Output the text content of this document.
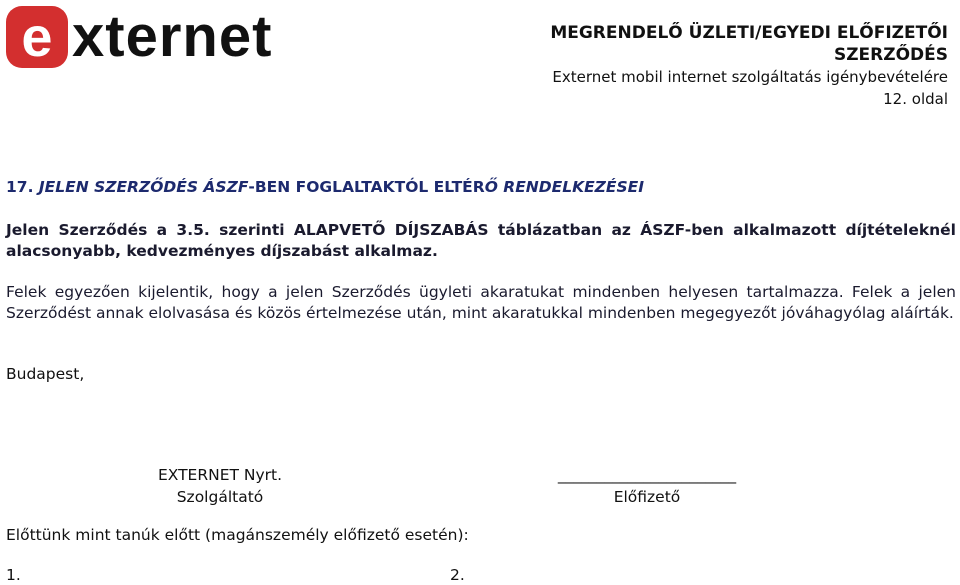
e xternet	MEGRENDELŐ ÜZLETI/EGYEDI ELŐFIZETŐI
SZERZŐDÉS
Externet mobil internet szolgáltatás igénybevételére
12. oldal
17. JELEN SZERZŐDÉS ÁSZF-BEN FOGLALTAKTÓL ELTÉRŐ RENDELKEZÉSEI
Jelen Szerződés a 3.5. szerinti ALAPVETŐ DÍJSZABÁS táblázatban az ÁSZF-ben alkalmazott díjtételeknél alacsonyabb, kedvezményes díjszabást alkalmaz.
Felek egyezően kijelentik, hogy a jelen Szerződés ügyleti akaratukat mindenben helyesen tartalmazza. Felek a jelen Szerződést annak elolvasása és közös értelmezése után, mint akaratukkal mindenben megegyezőt jóváhagyólag aláírták.
Budapest,
EXTERNET Nyrt.
Szolgáltató
_______________________
Előfizető
Előttünk mint tanúk előtt (magánszemély előfizető esetén):
1.	2.
